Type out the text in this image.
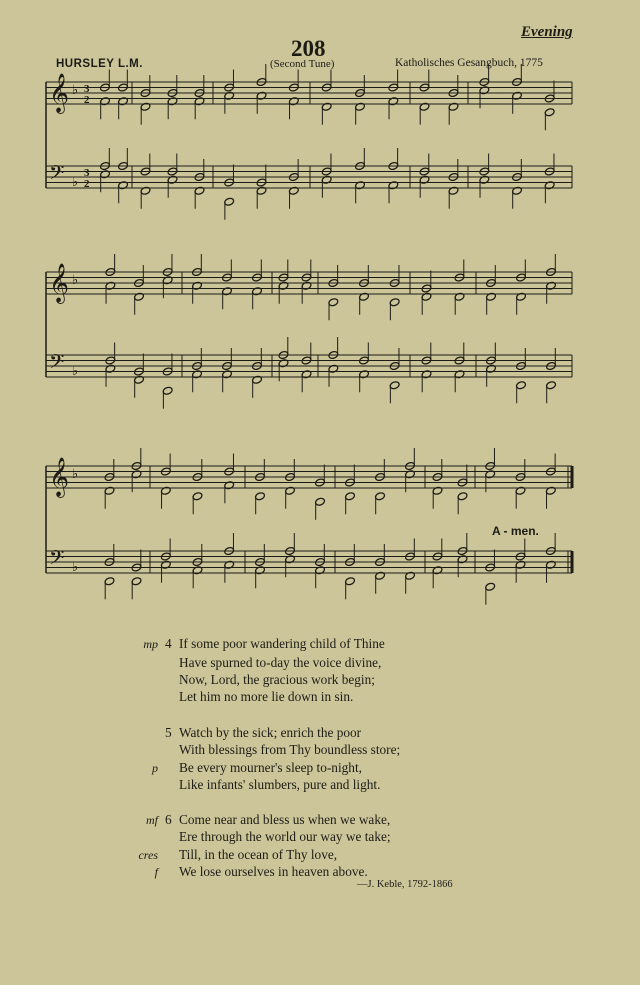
Evening
208
HURSLEY L.M.	(Second Tune)	Katholisches Gesangbuch, 1775
𝄞 ♭ 3
2
𝄢 ♭
3
2
𝄞 ♭
𝄢 ♭
𝄞 ♭
𝄢 ♭
A - men.
4 If some poor wandering child of Thine
mp
Have spurned to-day the voice divine,
Now, Lord, the gracious work begin;
Let him no more lie down in sin.
5 Watch by the sick; enrich the poor
With blessings from Thy boundless store;
Be every mourner's sleep to-night,
p
Like infants' slumbers, pure and light.
6 Come near and bless us when we wake,
mf
Ere through the world our way we take;
Till, in the ocean of Thy love,
cres
We lose ourselves in heaven above.
f
—J. Keble, 1792-1866
